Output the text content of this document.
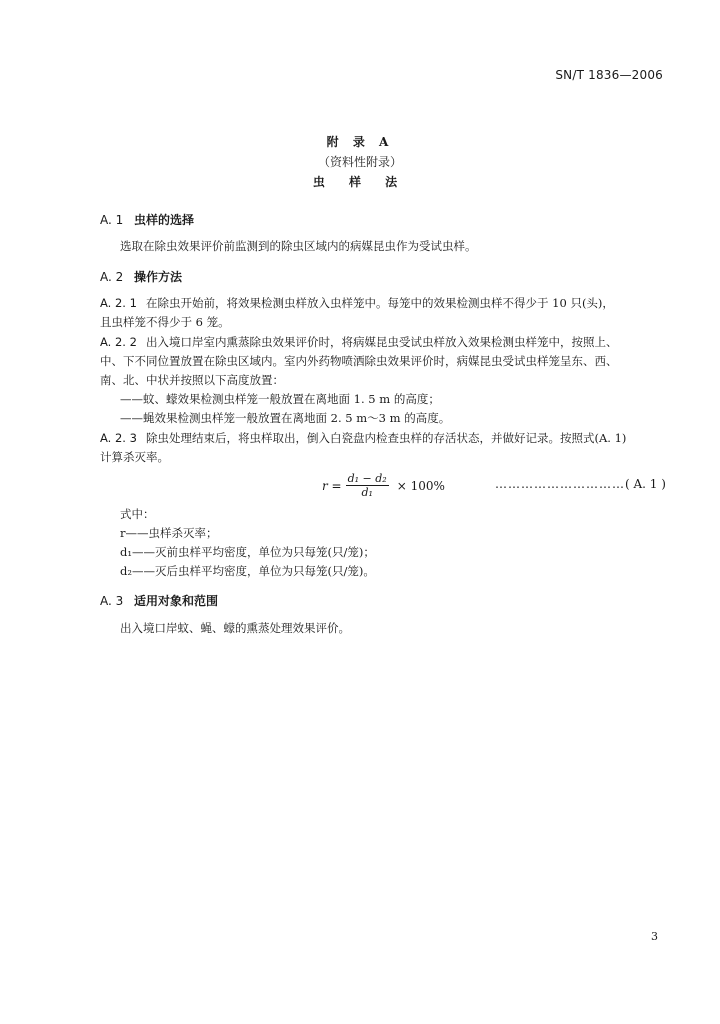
SN/T 1836—2006
附 录 A
（资料性附录）
虫 样 法
A. 1 虫样的选择
选取在除虫效果评价前监测到的除虫区域内的病媒昆虫作为受试虫样。
A. 2 操作方法
A. 2. 1 在除虫开始前，将效果检测虫样放入虫样笼中。每笼中的效果检测虫样不得少于 10 只(头)，
且虫样笼不得少于 6 笼。
A. 2. 2 出入境口岸室内熏蒸除虫效果评价时，将病媒昆虫受试虫样放入效果检测虫样笼中，按照上、
中、下不同位置放置在除虫区域内。室内外药物喷洒除虫效果评价时，病媒昆虫受试虫样笼呈东、西、
南、北、中状并按照以下高度放置：
——蚊、蠓效果检测虫样笼一般放置在离地面 1. 5 m 的高度；
——蝇效果检测虫样笼一般放置在离地面 2. 5 m～3 m 的高度。
A. 2. 3 除虫处理结束后，将虫样取出，倒入白瓷盘内检查虫样的存活状态，并做好记录。按照式(A. 1)
计算杀灭率。
$r = \frac{\text{d₁ − d₂}}{\text{d₁}} \times 100\%$	…………………………( A. 1 )
式中：
r——虫样杀灭率；
d₁——灭前虫样平均密度，单位为只每笼(只/笼)；
d₂——灭后虫样平均密度，单位为只每笼(只/笼)。
A. 3 适用对象和范围
出入境口岸蚊、蝇、蠓的熏蒸处理效果评价。
3
